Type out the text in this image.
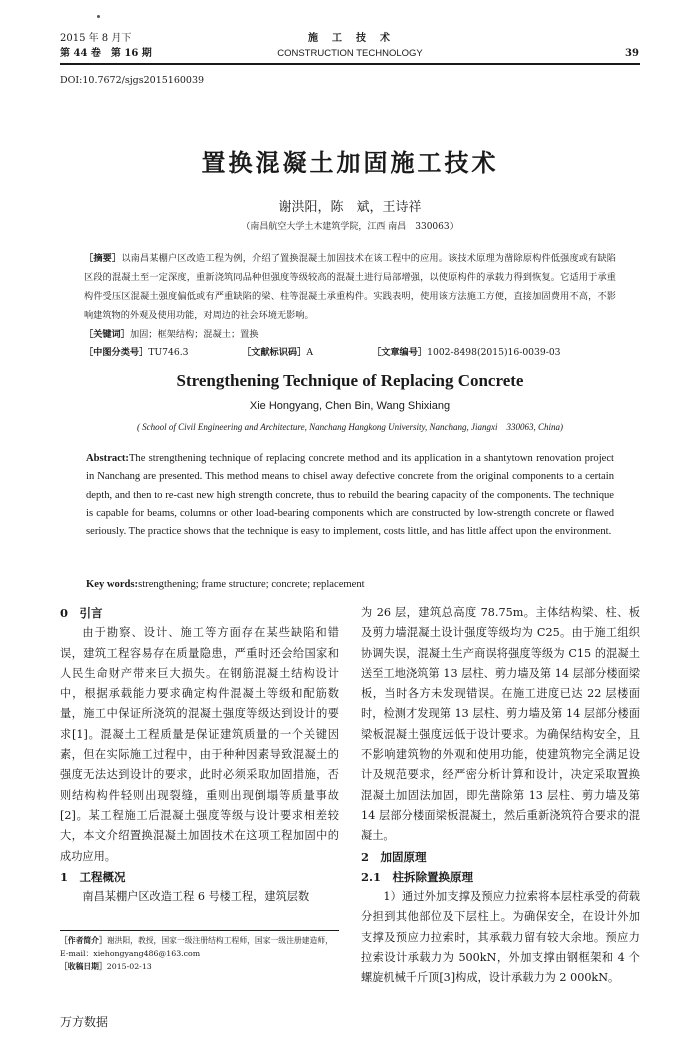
2015 年 8 月下
第 44 卷　第 16 期
施　工　技　术
CONSTRUCTION TECHNOLOGY	39
DOI:10.7672/sjgs2015160039
置换混凝土加固施工技术
谢洪阳，陈　斌，王诗祥
（南昌航空大学土木建筑学院，江西 南昌　330063）
［摘要］以南昌某棚户区改造工程为例，介绍了置换混凝土加固技术在该工程中的应用。该技术原理为凿除原构件低强度或有缺陷区段的混凝土至一定深度，重新浇筑同品种但强度等级较高的混凝土进行局部增强，以使原构件的承载力得到恢复。它适用于承重构件受压区混凝土强度偏低或有严重缺陷的梁、柱等混凝土承重构件。实践表明，使用该方法施工方便，直接加固费用不高，不影响建筑物的外观及使用功能，对周边的社会环境无影响。
［关键词］加固；框架结构；混凝土；置换
［中图分类号］TU746.3	［文献标识码］A	［文章编号］1002-8498(2015)16-0039-03
Strengthening Technique of Replacing Concrete
Xie Hongyang, Chen Bin, Wang Shixiang
( School of Civil Engineering and Architecture, Nanchang Hangkong University, Nanchang, Jiangxi　330063, China)
Abstract:The strengthening technique of replacing concrete method and its application in a shantytown renovation project in Nanchang are presented. This method means to chisel away defective concrete from the original components to a certain depth, and then to re-cast new high strength concrete, thus to rebuild the bearing capacity of the components. The technique is capable for beams, columns or other load-bearing components which are constructed by low-strength concrete or flawed seriously. The practice shows that the technique is easy to implement, costs little, and has little affect upon the environment.
Key words:strengthening; frame structure; concrete; replacement
0　引言

由于勘察、设计、施工等方面存在某些缺陷和错误，建筑工程容易存在质量隐患，严重时还会给国家和人民生命财产带来巨大损失。在钢筋混凝土结构设计中，根据承载能力要求确定构件混凝土等级和配筋数量，施工中保证所浇筑的混凝土强度等级达到设计的要求[1]。混凝土工程质量是保证建筑质量的一个关键因素，但在实际施工过程中，由于种种因素导致混凝土的强度无法达到设计的要求，此时必须采取加固措施，否则结构构件轻则出现裂缝，重则出现倒塌等质量事故[2]。某工程施工后混凝土强度等级与设计要求相差较大，本文介绍置换混凝土加固技术在这项工程加固中的成功应用。

1　工程概况

南昌某棚户区改造工程 6 号楼工程，建筑层数

［作者简介］谢洪阳，教授，国家一级注册结构工程师，国家一级注册建造师，E-mail：xiehongyang486@163.com
［收稿日期］2015-02-13

为 26 层，建筑总高度 78.75m。主体结构梁、柱、板及剪力墙混凝土设计强度等级均为 C25。由于施工组织协调失误，混凝土生产商误将强度等级为 C15 的混凝土送至工地浇筑第 13 层柱、剪力墙及第 14 层部分楼面梁板，当时各方未发现错误。在施工进度已达 22 层楼面时，检测才发现第 13 层柱、剪力墙及第 14 层部分楼面梁板混凝土强度远低于设计要求。为确保结构安全，且不影响建筑物的外观和使用功能，使建筑物完全满足设计及规范要求，经严密分析计算和设计，决定采取置换混凝土加固法加固，即先凿除第 13 层柱、剪力墙及第 14 层部分楼面梁板混凝土，然后重新浇筑符合要求的混凝土。

2　加固原理
2.1　柱拆除置换原理

1）通过外加支撑及预应力拉索将本层柱承受的荷载分担到其他部位及下层柱上。为确保安全，在设计外加支撑及预应力拉索时，其承载力留有较大余地。预应力拉索设计承载力为 500kN，外加支撑由钢框架和 4 个螺旋机械千斤顶[3]构成，设计承载力为 2 000kN。

万方数据
